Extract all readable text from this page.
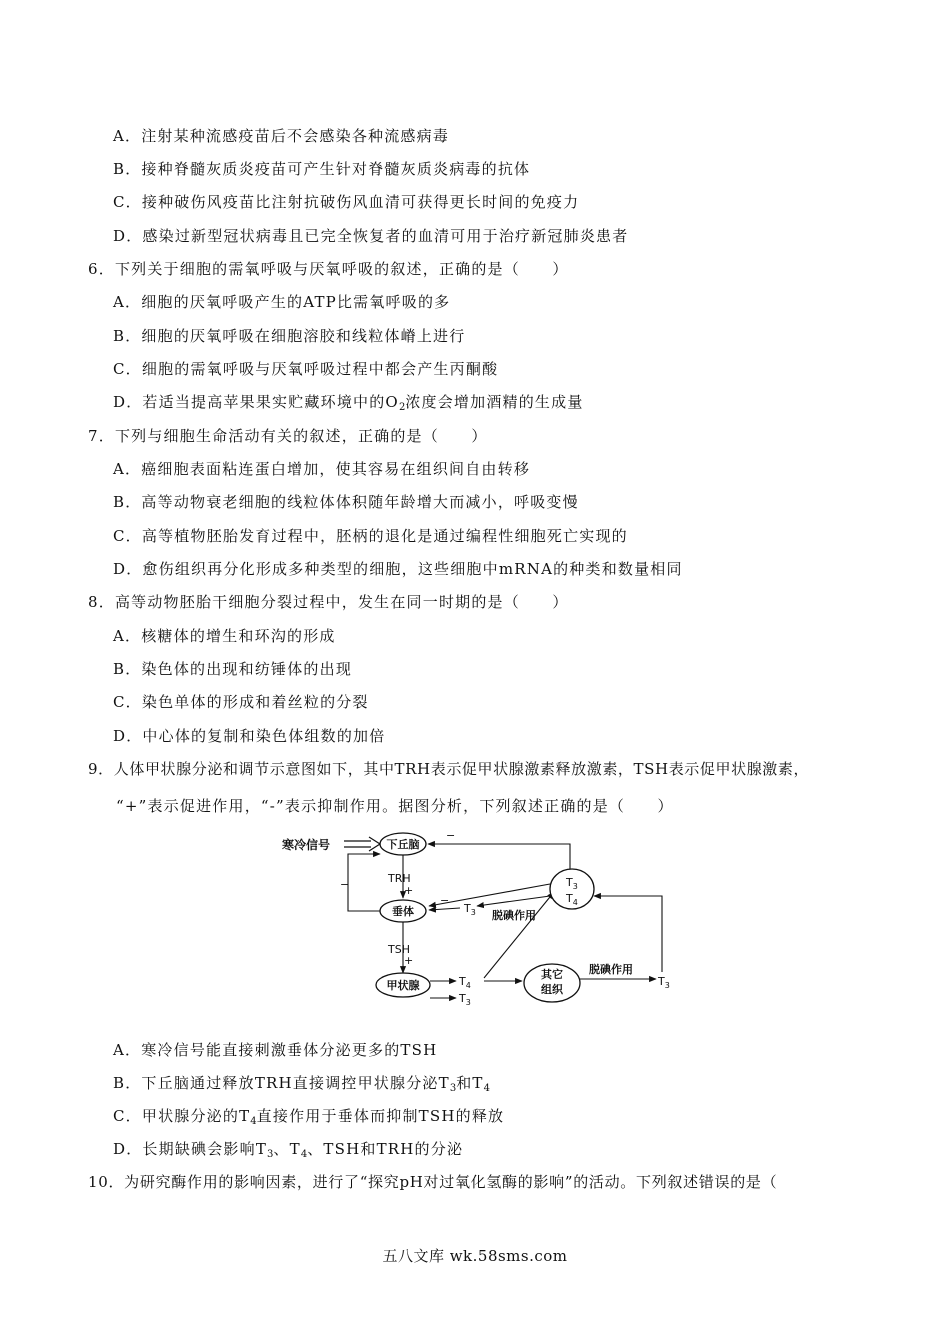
A．注射某种流感疫苗后不会感染各种流感病毒
B．接种脊髓灰质炎疫苗可产生针对脊髓灰质炎病毒的抗体
C．接种破伤风疫苗比注射抗破伤风血清可获得更长时间的免疫力
D．感染过新型冠状病毒且已完全恢复者的血清可用于治疗新冠肺炎患者
6．下列关于细胞的需氧呼吸与厌氧呼吸的叙述，正确的是（　　）
A．细胞的厌氧呼吸产生的ATP比需氧呼吸的多
B．细胞的厌氧呼吸在细胞溶胶和线粒体嵴上进行
C．细胞的需氧呼吸与厌氧呼吸过程中都会产生丙酮酸
D．若适当提高苹果果实贮藏环境中的$O_2$浓度会增加酒精的生成量
7．下列与细胞生命活动有关的叙述，正确的是（　　）
A．癌细胞表面粘连蛋白增加，使其容易在组织间自由转移
B．高等动物衰老细胞的线粒体体积随年龄增大而减小，呼吸变慢
C．高等植物胚胎发育过程中，胚柄的退化是通过编程性细胞死亡实现的
D．愈伤组织再分化形成多种类型的细胞，这些细胞中mRNA的种类和数量相同
8．高等动物胚胎干细胞分裂过程中，发生在同一时期的是（　　）
A．核糖体的增生和环沟的形成
B．染色体的出现和纺锤体的出现
C．染色单体的形成和着丝粒的分裂
D．中心体的复制和染色体组数的加倍
9．人体甲状腺分泌和调节示意图如下，其中TRH表示促甲状腺激素释放激素，TSH表示促甲状腺激素，
“+”表示促进作用，“-”表示抑制作用。据图分析，下列叙述正确的是（　　）
寒冷信号	下丘脑
TRH
+
垂体
−
TSH
+
甲状腺	$T_4$
$T_3$
其它
组织
脱碘作用
$T_3$
$T_3$
$T_4$
−
$T_3$ 脱碘作用
−
A．寒冷信号能直接刺激垂体分泌更多的TSH
B．下丘脑通过释放TRH直接调控甲状腺分泌$T_3$和$T_4$
C．甲状腺分泌的$T_4$直接作用于垂体而抑制TSH的释放
D．长期缺碘会影响$T_3$、$T_4$、TSH和TRH的分泌
10．为研究酶作用的影响因素，进行了“探究pH对过氧化氢酶的影响”的活动。下列叙述错误的是（
五八文库 wk.58sms.com
